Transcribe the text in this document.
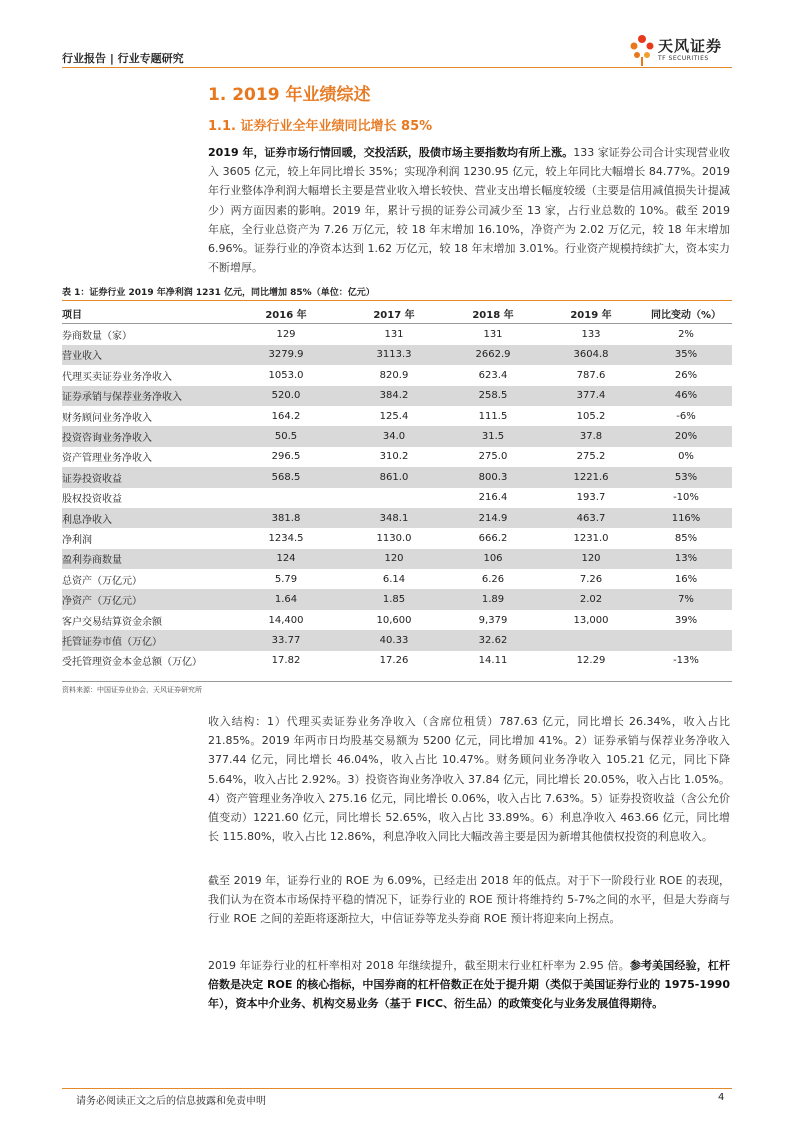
行业报告 | 行业专题研究
天风证券
TF SECURITIES
1. 2019 年业绩综述
1.1. 证券行业全年业绩同比增长 85%
2019 年，证券市场行情回暖，交投活跃，股债市场主要指数均有所上涨。133 家证券公司合计实现营业收入 3605 亿元，较上年同比增长 35%；实现净利润 1230.95 亿元，较上年同比大幅增长 84.77%。2019 年行业整体净利润大幅增长主要是营业收入增长较快、营业支出增长幅度较缓（主要是信用减值损失计提减少）两方面因素的影响。2019 年，累计亏损的证券公司减少至 13 家，占行业总数的 10%。截至 2019 年底，全行业总资产为 7.26 万亿元，较 18 年末增加 16.10%，净资产为 2.02 万亿元，较 18 年末增加 6.96%。证券行业的净资本达到 1.62 万亿元，较 18 年末增加 3.01%。行业资产规模持续扩大，资本实力不断增厚。
表 1：证券行业 2019 年净利润 1231 亿元，同比增加 85%（单位：亿元）
项目	2016 年	2017 年	2018 年	2019 年	同比变动（%）
券商数量（家）	129	131	131	133	2%
营业收入	3279.9	3113.3	2662.9	3604.8	35%
代理买卖证券业务净收入	1053.0	820.9	623.4	787.6	26%
证券承销与保荐业务净收入	520.0	384.2	258.5	377.4	46%
财务顾问业务净收入	164.2	125.4	111.5	105.2	-6%
投资咨询业务净收入	50.5	34.0	31.5	37.8	20%
资产管理业务净收入	296.5	310.2	275.0	275.2	0%
证券投资收益	568.5	861.0	800.3	1221.6	53%
股权投资收益			216.4	193.7	-10%
利息净收入	381.8	348.1	214.9	463.7	116%
净利润	1234.5	1130.0	666.2	1231.0	85%
盈利券商数量	124	120	106	120	13%
总资产（万亿元）	5.79	6.14	6.26	7.26	16%
净资产（万亿元）	1.64	1.85	1.89	2.02	7%
客户交易结算资金余额	14,400	10,600	9,379	13,000	39%
托管证券市值（万亿）	33.77	40.33	32.62		
受托管理资金本金总额（万亿）	17.82	17.26	14.11	12.29	-13%
资料来源：中国证券业协会，天风证券研究所
收入结构：1）代理买卖证券业务净收入（含席位租赁）787.63 亿元，同比增长 26.34%，收入占比 21.85%。2019 年两市日均股基交易额为 5200 亿元，同比增加 41%。2）证券承销与保荐业务净收入 377.44 亿元，同比增长 46.04%，收入占比 10.47%。财务顾问业务净收入 105.21 亿元，同比下降 5.64%，收入占比 2.92%。3）投资咨询业务净收入 37.84 亿元，同比增长 20.05%，收入占比 1.05%。4）资产管理业务净收入 275.16 亿元，同比增长 0.06%，收入占比 7.63%。5）证券投资收益（含公允价值变动）1221.60 亿元，同比增长 52.65%，收入占比 33.89%。6）利息净收入 463.66 亿元，同比增长 115.80%，收入占比 12.86%，利息净收入同比大幅改善主要是因为新增其他债权投资的利息收入。
截至 2019 年，证券行业的 ROE 为 6.09%，已经走出 2018 年的低点。对于下一阶段行业 ROE 的表现，我们认为在资本市场保持平稳的情况下，证券行业的 ROE 预计将维持约 5-7%之间的水平，但是大券商与行业 ROE 之间的差距将逐渐拉大，中信证券等龙头券商 ROE 预计将迎来向上拐点。
2019 年证券行业的杠杆率相对 2018 年继续提升，截至期末行业杠杆率为 2.95 倍。参考美国经验，杠杆倍数是决定 ROE 的核心指标，中国券商的杠杆倍数正在处于提升期（类似于美国证券行业的 1975-1990 年），资本中介业务、机构交易业务（基于 FICC、衍生品）的政策变化与业务发展值得期待。
请务必阅读正文之后的信息披露和免责申明	4
